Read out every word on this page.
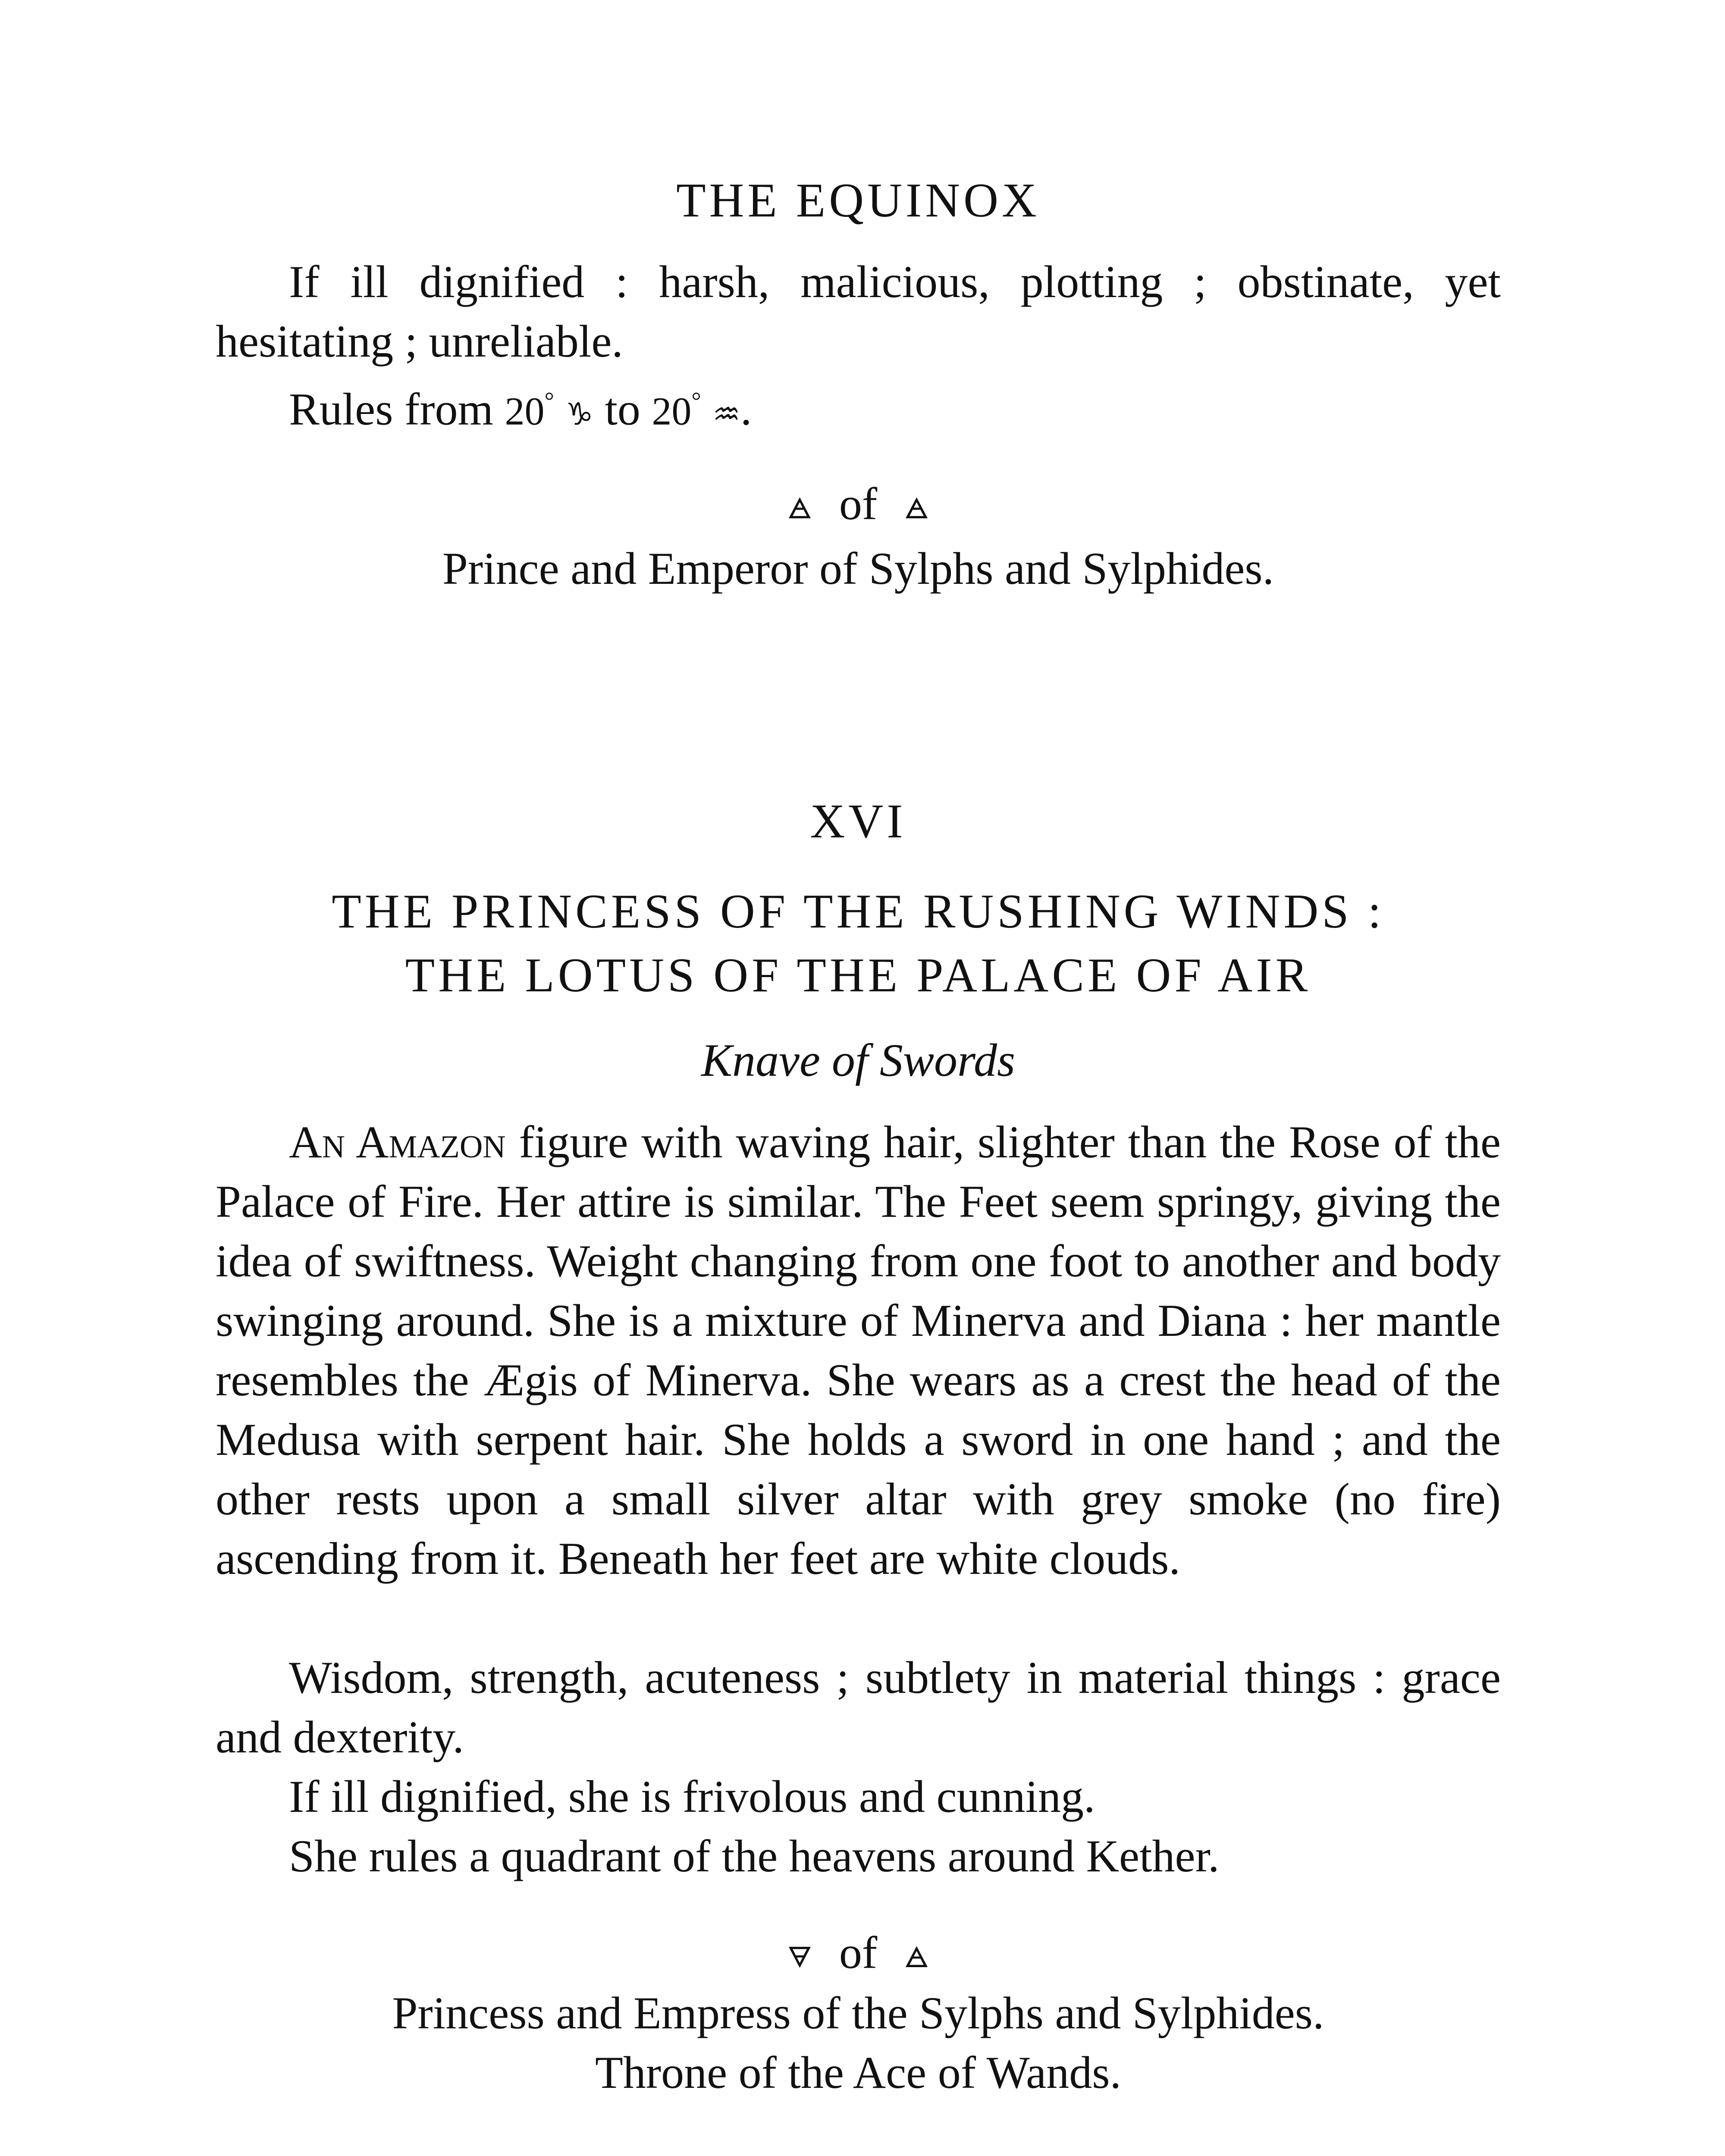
THE EQUINOX

If ill dignified : harsh, malicious, plotting ; obstinate, yet

hesitating ; unreliable.

Rules from 20° ♑ to 20° ♒.

🜁 of 🜁
Prince and Emperor of Sylphs and Sylphides.
XVI
THE PRINCESS OF THE RUSHING WINDS :
THE LOTUS OF THE PALACE OF AIR
Knave of Swords

An Amazon figure with waving hair, slighter than the Rose of the Palace of Fire. Her attire is similar. The Feet seem springy, giving the idea of swiftness. Weight changing from one foot to another and body swinging around. She is a mixture of Minerva and Diana : her mantle resembles the Ægis of Minerva. She wears as a crest the head of the Medusa with serpent hair. She holds a sword in one hand ; and the other rests upon a small silver altar with grey smoke (no fire) ascending from it. Beneath her feet are white clouds.

Wisdom, strength, acuteness ; subtlety in material things : grace and dexterity.

If ill dignified, she is frivolous and cunning.

She rules a quadrant of the heavens around Kether.

🜃 of 🜁
Princess and Empress of the Sylphs and Sylphides.
Throne of the Ace of Wands.
